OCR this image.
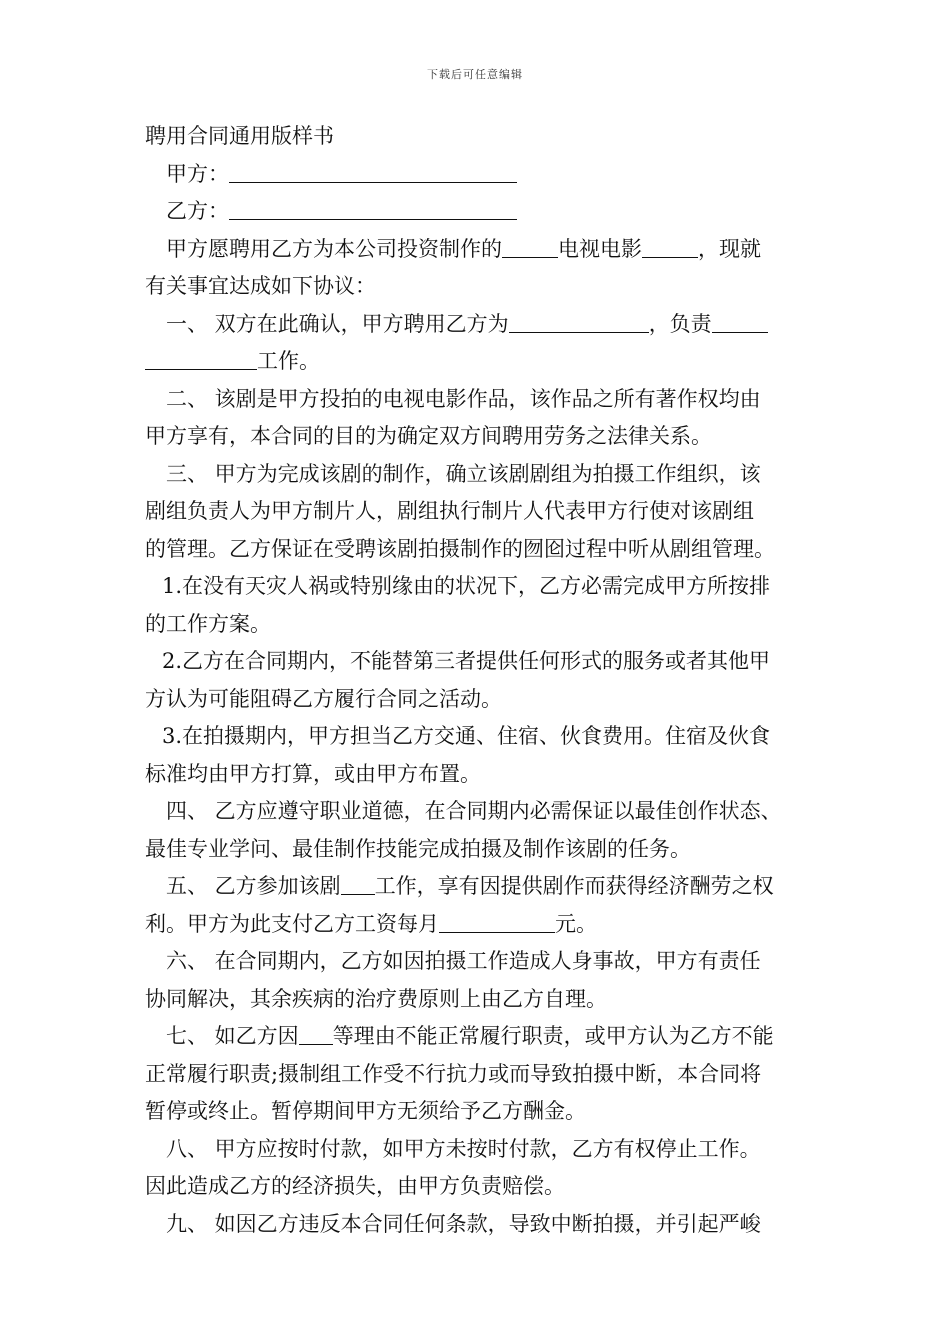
下载后可任意编辑
聘用合同通用版样书
甲方：
乙方：
甲方愿聘用乙方为本公司投资制作的	电视电影	，现就
有关事宜达成如下协议：
一、 双方在此确认，甲方聘用乙方为	，负责
工作。
二、 该剧是甲方投拍的电视电影作品，该作品之所有著作权均由
甲方享有，本合同的目的为确定双方间聘用劳务之法律关系。
三、 甲方为完成该剧的制作，确立该剧剧组为拍摄工作组织，该
剧组负责人为甲方制片人，剧组执行制片人代表甲方行使对该剧组
的管理。乙方保证在受聘该剧拍摄制作的囫囵过程中听从剧组管理。
1.在没有天灾人祸或特别缘由的状况下，乙方必需完成甲方所按排
的工作方案。
2.乙方在合同期内，不能替第三者提供任何形式的服务或者其他甲
方认为可能阻碍乙方履行合同之活动。
3.在拍摄期内，甲方担当乙方交通、住宿、伙食费用。住宿及伙食
标准均由甲方打算，或由甲方布置。
四、 乙方应遵守职业道德，在合同期内必需保证以最佳创作状态、
最佳专业学问、最佳制作技能完成拍摄及制作该剧的任务。
五、 乙方参加该剧 工作，享有因提供剧作而获得经济酬劳之权
利。甲方为此支付乙方工资每月	元。
六、 在合同期内，乙方如因拍摄工作造成人身事故，甲方有责任
协同解决，其余疾病的治疗费原则上由乙方自理。
七、 如乙方因 等理由不能正常履行职责，或甲方认为乙方不能
正常履行职责;摄制组工作受不行抗力或而导致拍摄中断，本合同将
暂停或终止。暂停期间甲方无须给予乙方酬金。
八、 甲方应按时付款，如甲方未按时付款，乙方有权停止工作。
因此造成乙方的经济损失，由甲方负责赔偿。
九、 如因乙方违反本合同任何条款，导致中断拍摄，并引起严峻
